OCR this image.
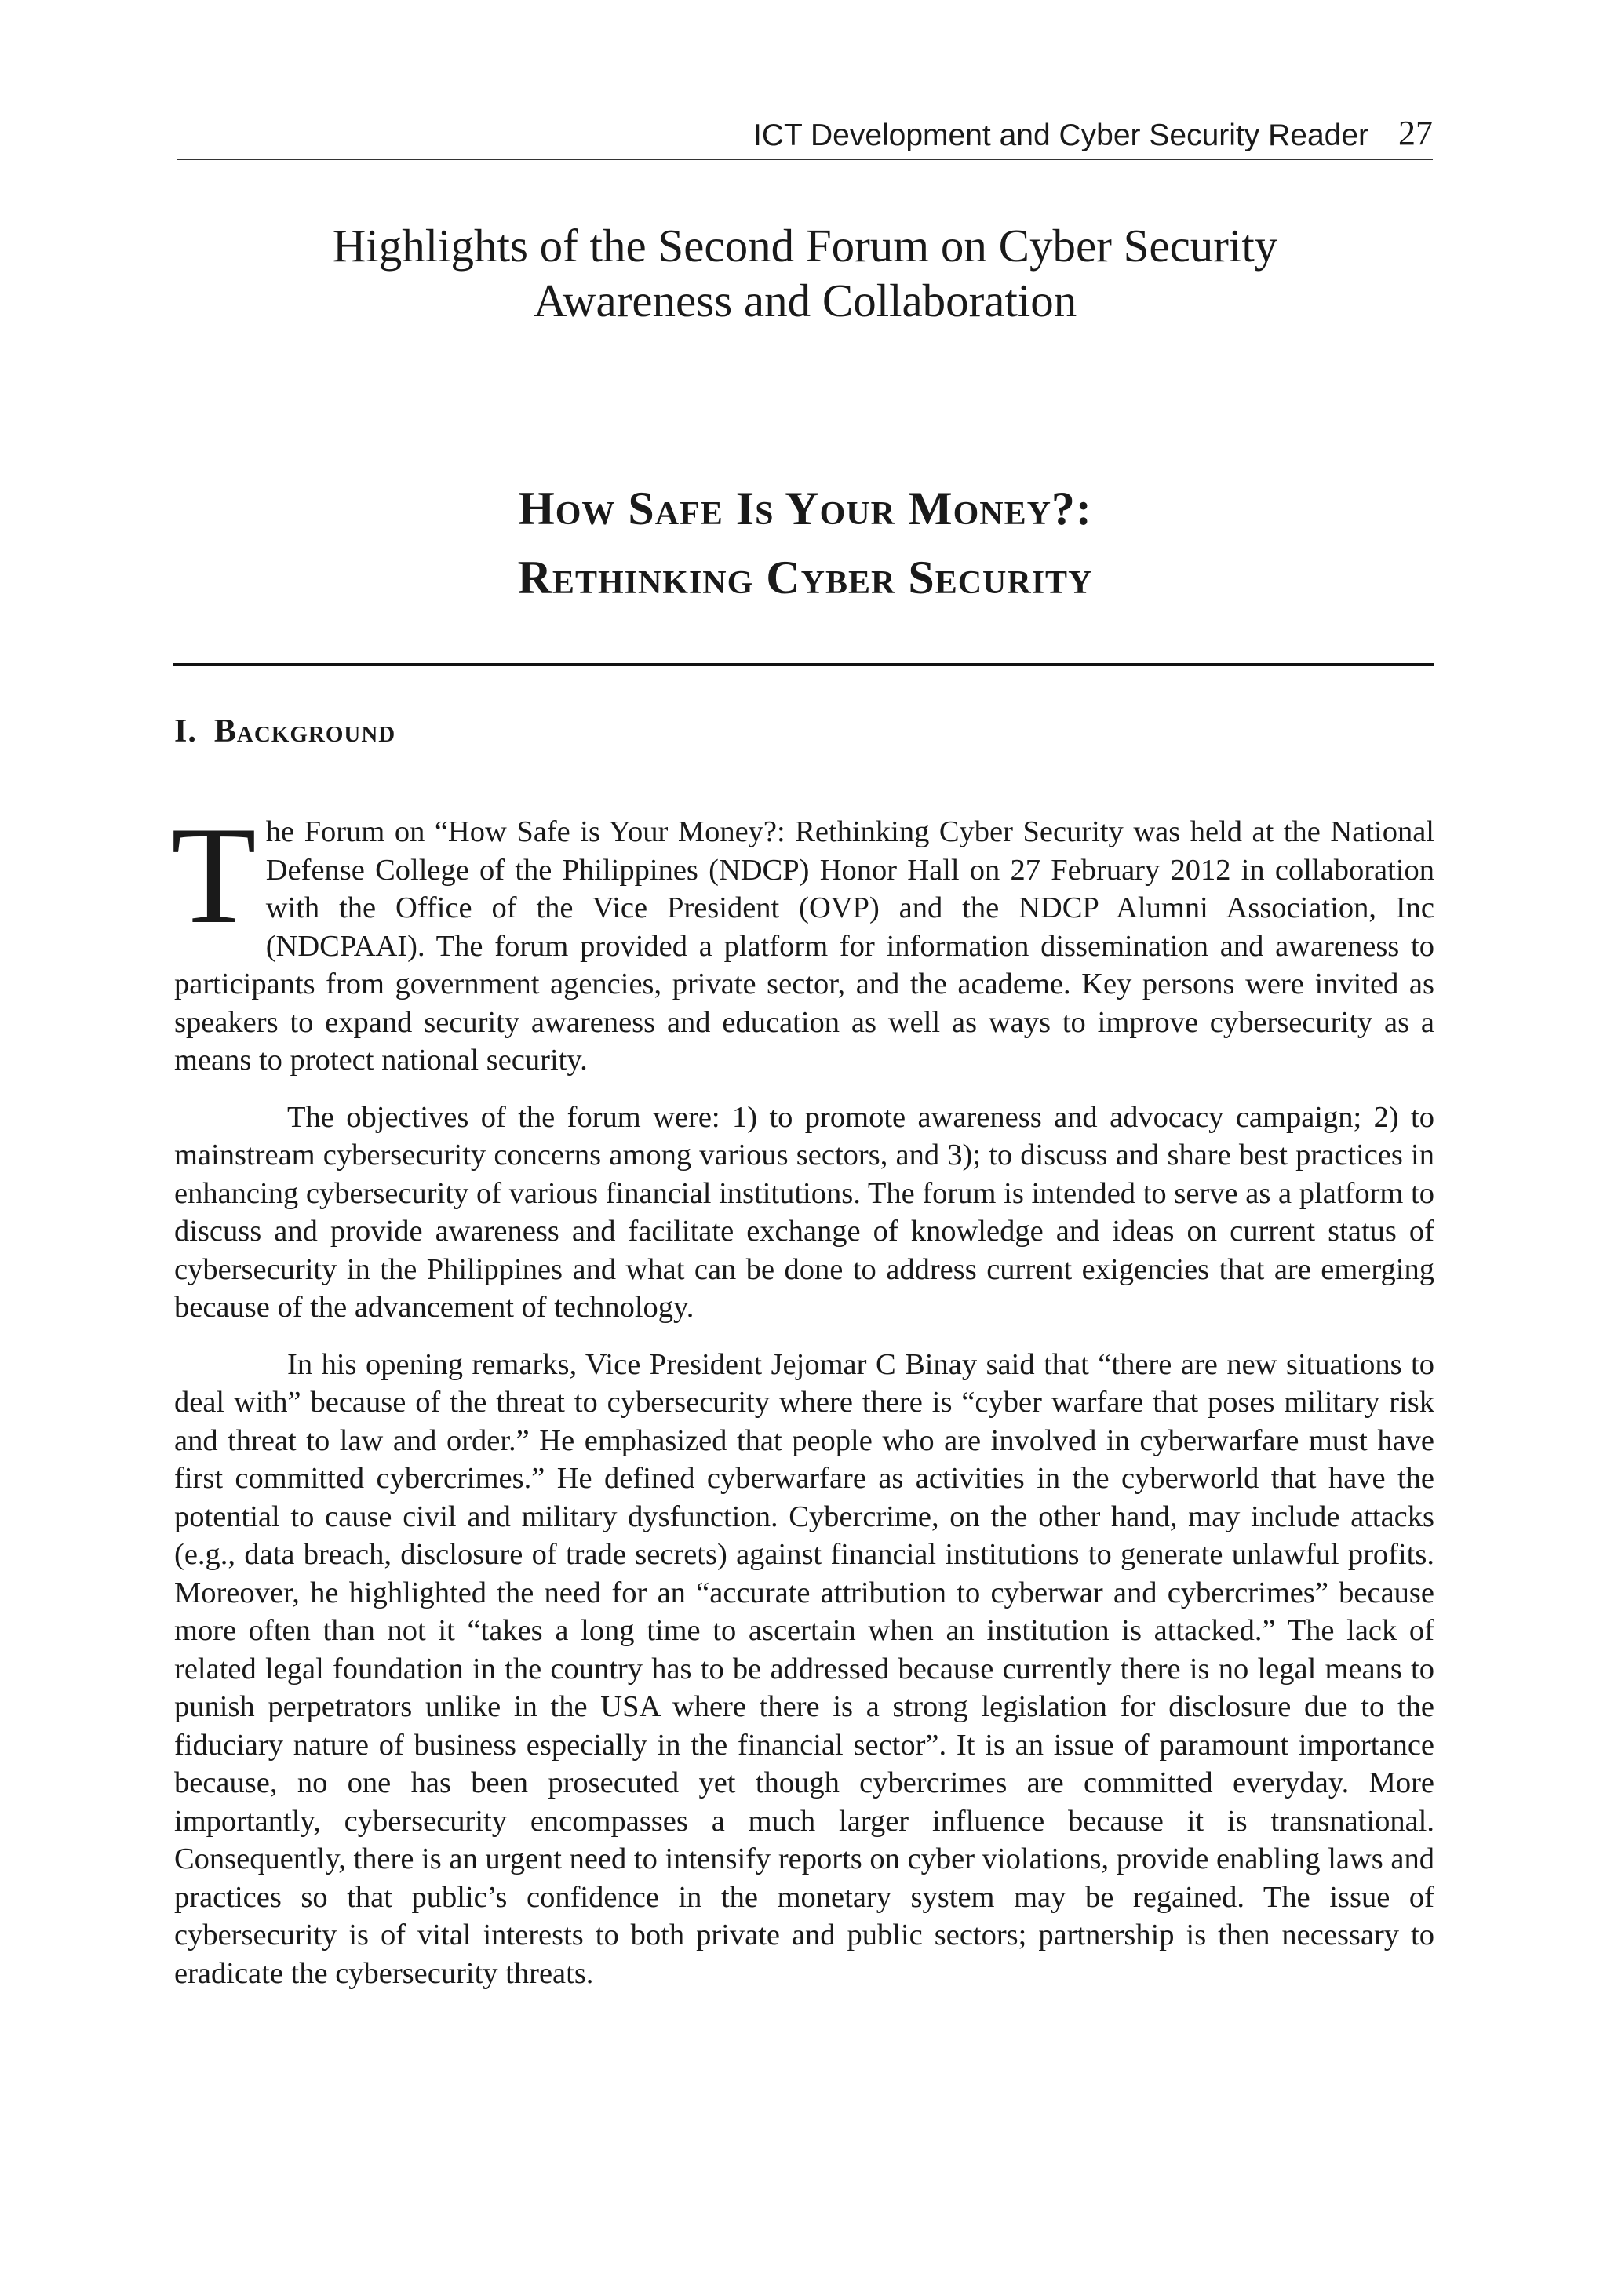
ICT Development and Cyber Security Reader 27
Highlights of the Second Forum on Cyber Security
Awareness and Collaboration
How Safe Is Your Money?:
Rethinking Cyber Security
I. Background

The Forum on “How Safe is Your Money?: Rethinking Cyber Security was held at the National Defense College of the Philippines (NDCP) Honor Hall on 27 February 2012 in collaboration with the Office of the Vice President (OVP) and the NDCP Alumni Association, Inc (NDCPAAI). The forum provided a platform for information dissemination and awareness to participants from government agencies, private sector, and the academe. Key persons were invited as speakers to expand security awareness and education as well as ways to improve cybersecurity as a means to protect national security.

The objectives of the forum were: 1) to promote awareness and advocacy campaign; 2) to mainstream cybersecurity concerns among various sectors, and 3); to discuss and share best practices in enhancing cybersecurity of various financial institutions. The forum is intended to serve as a platform to discuss and provide awareness and facilitate exchange of knowledge and ideas on current status of cybersecurity in the Philippines and what can be done to address current exigencies that are emerging because of the advancement of technology.

In his opening remarks, Vice President Jejomar C Binay said that “there are new situations to deal with” because of the threat to cybersecurity where there is “cyber warfare that poses military risk and threat to law and order.” He emphasized that people who are involved in cyberwarfare must have first committed cybercrimes.” He defined cyberwarfare as activities in the cyberworld that have the potential to cause civil and military dysfunction. Cybercrime, on the other hand, may include attacks (e.g., data breach, disclosure of trade secrets) against financial institutions to generate unlawful profits. Moreover, he highlighted the need for an “accurate attribution to cyberwar and cybercrimes” because more often than not it “takes a long time to ascertain when an institution is attacked.” The lack of related legal foundation in the country has to be addressed because currently there is no legal means to punish perpetrators unlike in the USA where there is a strong legislation for disclosure due to the fiduciary nature of business especially in the financial sector”. It is an issue of paramount importance because, no one has been prosecuted yet though cybercrimes are committed everyday. More importantly, cybersecurity encompasses a much larger influence because it is transnational. Consequently, there is an urgent need to intensify reports on cyber violations, provide enabling laws and practices so that public’s confidence in the monetary system may be regained. The issue of cybersecurity is of vital interests to both private and public sectors; partnership is then necessary to eradicate the cybersecurity threats.
